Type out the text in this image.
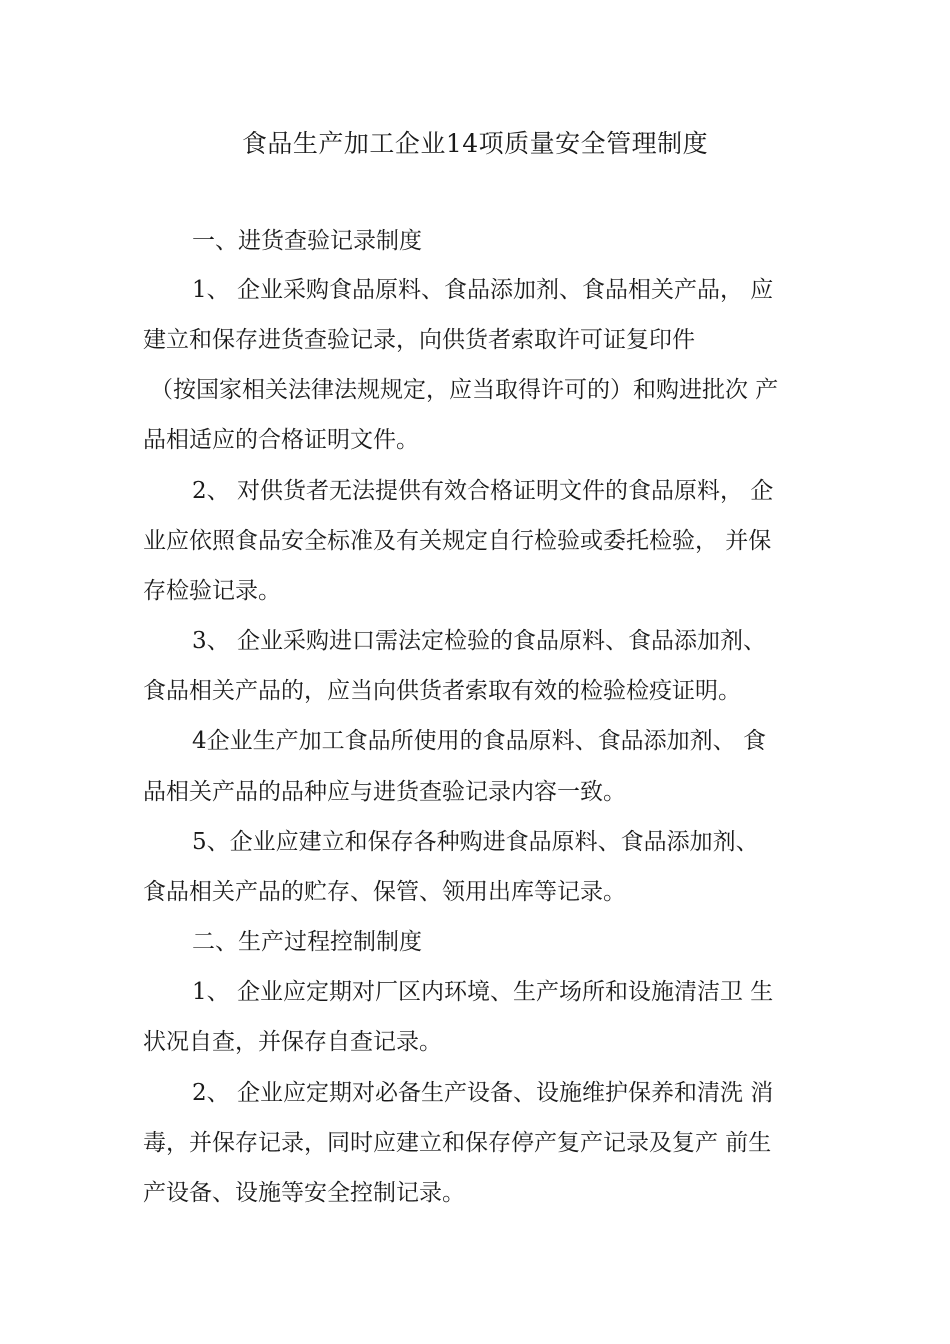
食品生产加工企业14项质量安全管理制度
一、进货查验记录制度
1、 企业采购食品原料、食品添加剂、食品相关产品， 应
建立和保存进货查验记录，向供货者索取许可证复印件
（按国家相关法律法规规定，应当取得许可的）和购进批次 产
品相适应的合格证明文件。
2、 对供货者无法提供有效合格证明文件的食品原料， 企
业应依照食品安全标准及有关规定自行检验或委托检验， 并保
存检验记录。
3、 企业采购进口需法定检验的食品原料、食品添加剂、
食品相关产品的，应当向供货者索取有效的检验检疫证明。
4企业生产加工食品所使用的食品原料、食品添加剂、 食
品相关产品的品种应与进货查验记录内容一致。
5、企业应建立和保存各种购进食品原料、食品添加剂、
食品相关产品的贮存、保管、领用出库等记录。
二、生产过程控制制度
1、 企业应定期对厂区内环境、生产场所和设施清洁卫 生
状况自查，并保存自查记录。
2、 企业应定期对必备生产设备、设施维护保养和清洗 消
毒，并保存记录，同时应建立和保存停产复产记录及复产 前生
产设备、设施等安全控制记录。
